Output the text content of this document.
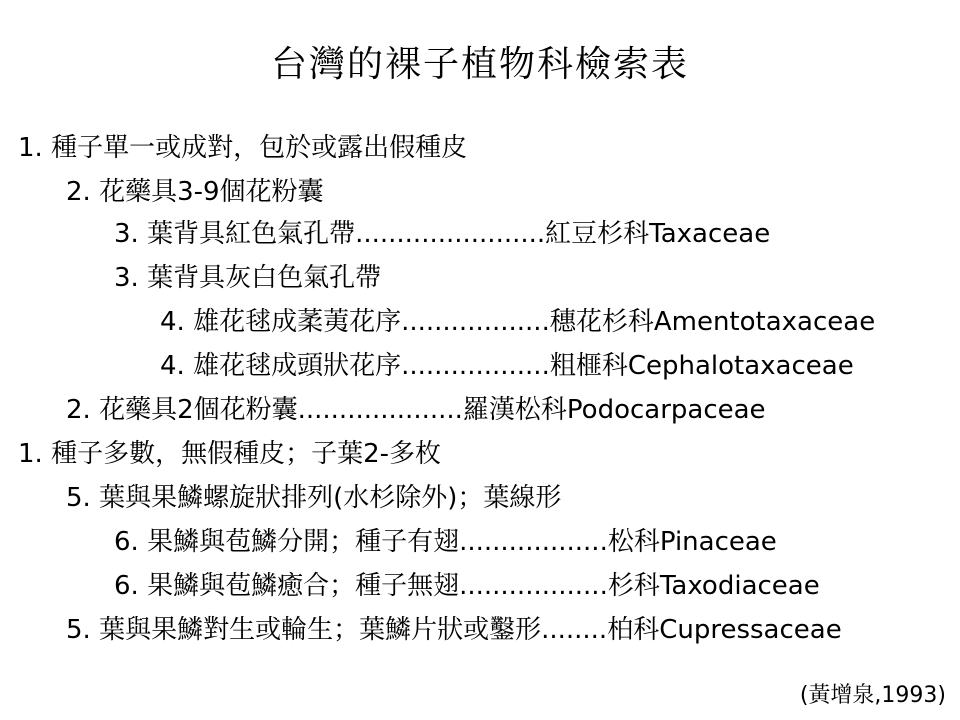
台灣的裸子植物科檢索表
1. 種子單一或成對，包於或露出假種皮
2. 花藥具3-9個花粉囊
3. 葉背具紅色氣孔帶.......................紅豆杉科Taxaceae
3. 葉背具灰白色氣孔帶
4. 雄花毬成葇荑花序..................穗花杉科Amentotaxaceae
4. 雄花毬成頭狀花序..................粗榧科Cephalotaxaceae
2. 花藥具2個花粉囊....................羅漢松科Podocarpaceae
1. 種子多數，無假種皮；子葉2-多枚
5. 葉與果鱗螺旋狀排列(水杉除外)；葉線形
6. 果鱗與苞鱗分開；種子有翅..................松科Pinaceae
6. 果鱗與苞鱗癒合；種子無翅..................杉科Taxodiaceae
5. 葉與果鱗對生或輪生；葉鱗片狀或鑿形........柏科Cupressaceae
(黃增泉,1993)
